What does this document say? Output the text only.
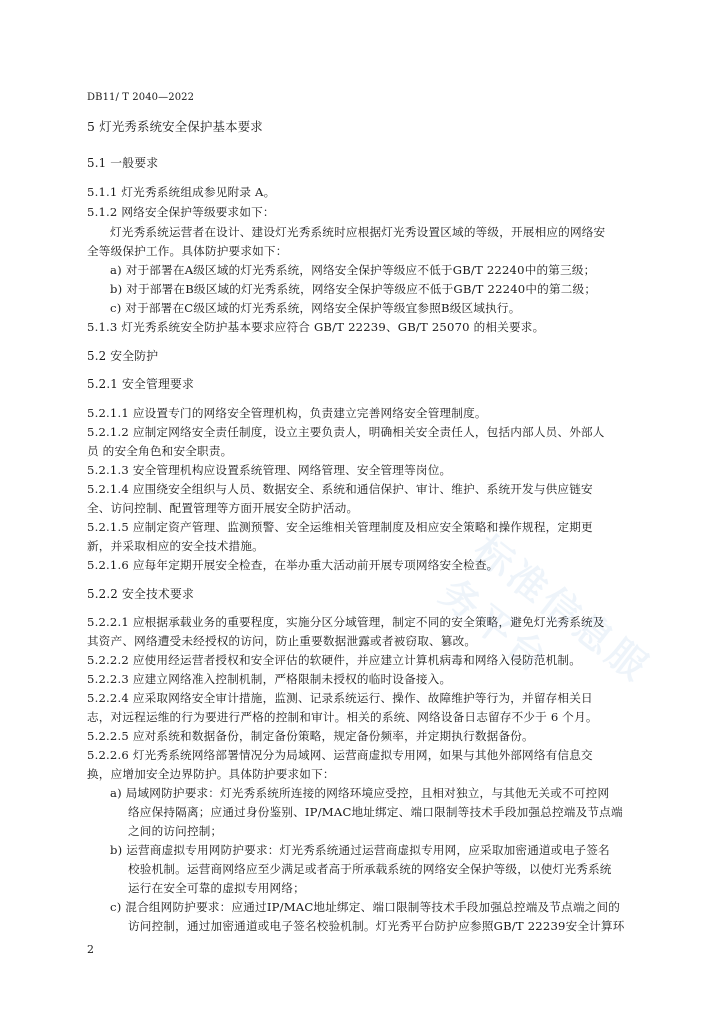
DB11/ T 2040—2022
5 灯光秀系统安全保护基本要求
5.1 一般要求
5.1.1 灯光秀系统组成参见附录 A。
5.1.2 网络安全保护等级要求如下：
灯光秀系统运营者在设计、建设灯光秀系统时应根据灯光秀设置区域的等级，开展相应的网络安
全等级保护工作。具体防护要求如下：
a) 对于部署在A级区域的灯光秀系统，网络安全保护等级应不低于GB/T 22240中的第三级；
b) 对于部署在B级区域的灯光秀系统，网络安全保护等级应不低于GB/T 22240中的第二级；
c) 对于部署在C级区域的灯光秀系统，网络安全保护等级宜参照B级区域执行。
5.1.3 灯光秀系统安全防护基本要求应符合 GB/T 22239、GB/T 25070 的相关要求。
5.2 安全防护
5.2.1 安全管理要求
5.2.1.1 应设置专门的网络安全管理机构，负责建立完善网络安全管理制度。
5.2.1.2 应制定网络安全责任制度，设立主要负责人，明确相关安全责任人，包括内部人员、外部人
员 的安全角色和安全职责。
5.2.1.3 安全管理机构应设置系统管理、网络管理、安全管理等岗位。
5.2.1.4 应围绕安全组织与人员、数据安全、系统和通信保护、审计、维护、系统开发与供应链安
全、访问控制、配置管理等方面开展安全防护活动。
5.2.1.5 应制定资产管理、监测预警、安全运维相关管理制度及相应安全策略和操作规程，定期更
新，并采取相应的安全技术措施。
5.2.1.6 应每年定期开展安全检查，在举办重大活动前开展专项网络安全检查。
5.2.2 安全技术要求
5.2.2.1 应根据承载业务的重要程度，实施分区分域管理，制定不同的安全策略，避免灯光秀系统及
其资产、网络遭受未经授权的访问，防止重要数据泄露或者被窃取、篡改。
5.2.2.2 应使用经运营者授权和安全评估的软硬件，并应建立计算机病毒和网络入侵防范机制。
5.2.2.3 应建立网络准入控制机制，严格限制未授权的临时设备接入。
5.2.2.4 应采取网络安全审计措施，监测、记录系统运行、操作、故障维护等行为，并留存相关日
志，对远程运维的行为要进行严格的控制和审计。相关的系统、网络设备日志留存不少于 6 个月。
5.2.2.5 应对系统和数据备份，制定备份策略，规定备份频率，并定期执行数据备份。
5.2.2.6 灯光秀系统网络部署情况分为局域网、运营商虚拟专用网，如果与其他外部网络有信息交
换，应增加安全边界防护。具体防护要求如下：
a) 局域网防护要求：灯光秀系统所连接的网络环境应受控，且相对独立，与其他无关或不可控网
络应保持隔离；应通过身份鉴别、IP/MAC地址绑定、端口限制等技术手段加强总控端及节点端
之间的访问控制；
b) 运营商虚拟专用网防护要求：灯光秀系统通过运营商虚拟专用网，应采取加密通道或电子签名
校验机制。运营商网络应至少满足或者高于所承载系统的网络安全保护等级，以使灯光秀系统
运行在安全可靠的虚拟专用网络；
c) 混合组网防护要求：应通过IP/MAC地址绑定、端口限制等技术手段加强总控端及节点端之间的
访问控制，通过加密通道或电子签名校验机制。灯光秀平台防护应参照GB/T 22239安全计算环
标准信息服务平台
2
